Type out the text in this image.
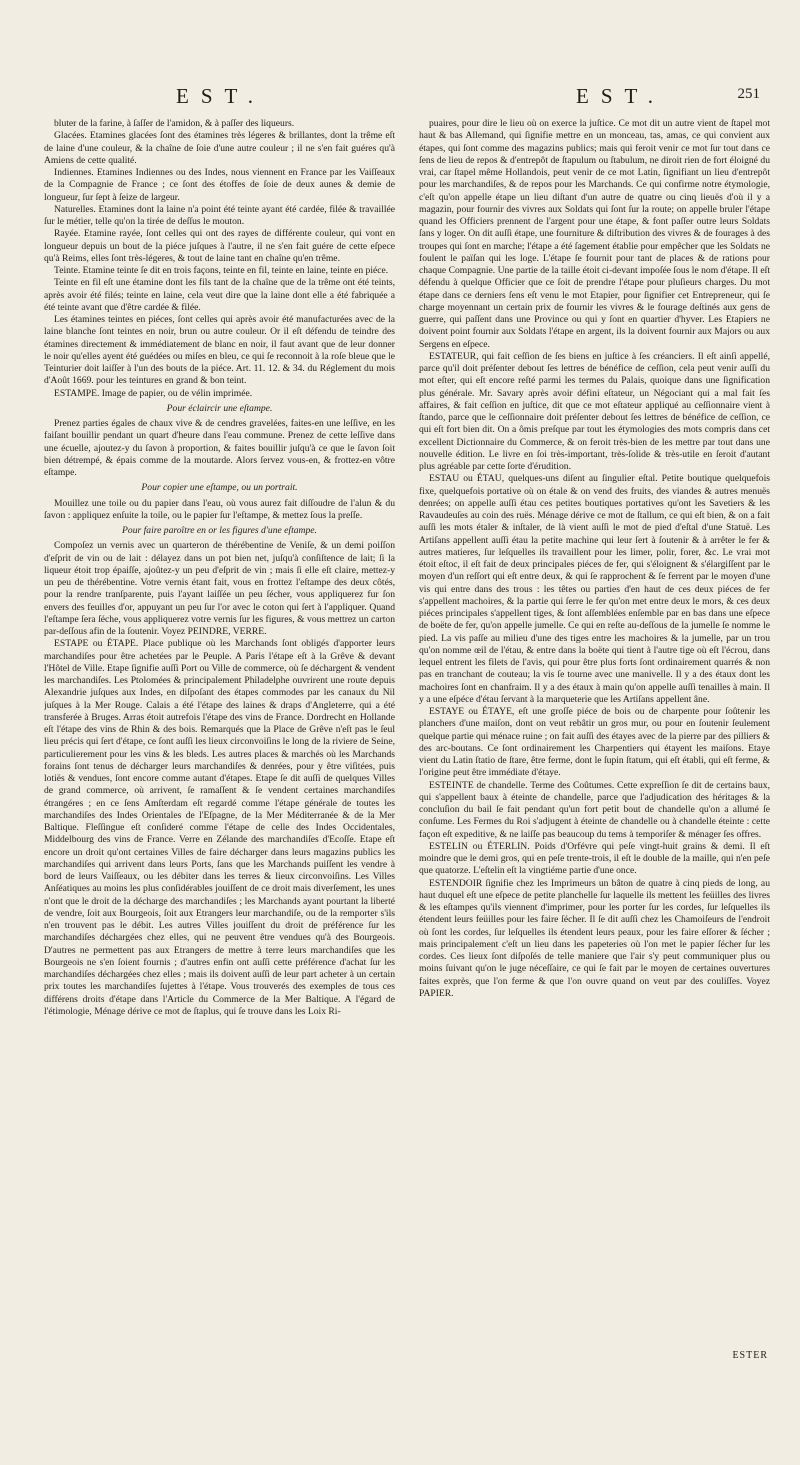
EST.	EST.	251

bluter de la farine, à ſaſſer de l'amidon, & à paſſer des liqueurs.

Glacées. Etamines glacées ſont des étamines très légeres & brillantes, dont la trême eſt de laine d'une couleur, & la chaîne de ſoie d'une autre couleur ; il ne s'en fait guéres qu'à Amiens de cette qualité.

Indiennes. Etamines Indiennes ou des Indes, nous viennent en France par les Vaiſſeaux de la Compagnie de France ; ce ſont des étoffes de ſoie de deux aunes & demie de longueur, ſur ſept à ſeize de largeur.

Naturelles. Etamines dont la laine n'a point été teinte ayant été cardée, filée & travaillée ſur le métier, telle qu'on la tirée de deſſus le mouton.

Rayée. Etamine rayée, ſont celles qui ont des rayes de différente couleur, qui vont en longueur depuis un bout de la piéce juſques à l'autre, il ne s'en fait guére de cette eſpece qu'à Reims, elles ſont très-légeres, & tout de laine tant en chaîne qu'en trême.

Teinte. Etamine teinte ſe dit en trois façons, teinte en fil, teinte en laine, teinte en piéce.

Teinte en fil eſt une étamine dont les fils tant de la chaîne que de la trême ont été teints, après avoir été filés; teinte en laine, cela veut dire que la laine dont elle a été fabriquée a été teinte avant que d'être cardée & filée.

Les étamines teintes en piéces, ſont celles qui après avoir été manufacturées avec de la laine blanche ſont teintes en noir, brun ou autre couleur. Or il eſt défendu de teindre des étamines directement & immédiatement de blanc en noir, il faut avant que de leur donner le noir qu'elles ayent été guédées ou miſes en bleu, ce qui ſe reconnoit à la roſe bleue que le Teinturier doit laiſſer à l'un des bouts de la piéce. Art. 11. 12. & 34. du Réglement du mois d'Août 1669. pour les teintures en grand & bon teint.

ESTAMPE. Image de papier, ou de vélin imprimée.

Pour éclaircir une eſtampe.

Prenez parties égales de chaux vive & de cendres gravelées, faites-en une leſſive, en les faiſant bouillir pendant un quart d'heure dans l'eau commune. Prenez de cette leſſive dans une écuelle, ajoutez-y du ſavon à proportion, & faites bouillir juſqu'à ce que le ſavon ſoit bien détrempé, & épais comme de la moutarde. Alors ſervez vous-en, & frottez-en vôtre eſtampe.

Pour copier une eſtampe, ou un portrait.

Mouillez une toile ou du papier dans l'eau, où vous aurez fait diſſoudre de l'alun & du ſavon : appliquez enſuite la toile, ou le papier ſur l'eſtampe, & mettez ſous la preſſe.

Pour faire paroître en or les figures d'une eſtampe.

Compoſez un vernis avec un quarteron de thérébentine de Veniſe, & un demi poiſſon d'eſprit de vin ou de lait : délayez dans un pot bien net, juſqu'à conſiſtence de lait; ſi la liqueur étoit trop épaiſſe, ajoûtez-y un peu d'eſprit de vin ; mais ſi elle eſt claire, mettez-y un peu de thérébentine. Votre vernis étant fait, vous en frottez l'eſtampe des deux côtés, pour la rendre tranſparente, puis l'ayant laiſſée un peu ſécher, vous appliquerez fur ſon envers des feuilles d'or, appuyant un peu ſur l'or avec le coton qui ſert à l'appliquer. Quand l'eſtampe ſera ſéche, vous appliquerez votre vernis ſur les figures, & vous mettrez un carton par-deſſous afin de la ſoutenir. Voyez PEINDRE, VERRE.

ESTAPE ou ÉTAPE. Place publique où les Marchands ſont obligés d'apporter leurs marchandiſes pour être achetées par le Peuple. A Paris l'étape eſt à la Grêve & devant l'Hôtel de Ville. Etape ſignifie auſſi Port ou Ville de commerce, où ſe déchargent & vendent les marchandiſes. Les Ptolomées & principalement Philadelphe ouvrirent une route depuis Alexandrie juſques aux Indes, en diſpoſant des étapes commodes par les canaux du Nil juſques à la Mer Rouge. Calais a été l'étape des laines & draps d'Angleterre, qui a été transferée à Bruges. Arras étoit autrefois l'étape des vins de France. Dordrecht en Hollande eſt l'étape des vins de Rhin & des bois. Remarqués que la Place de Grêve n'eſt pas le ſeul lieu précis qui ſert d'étape, ce ſont auſſi les lieux circonvoiſins le long de la riviere de Seine, particulierement pour les vins & les bleds. Les autres places & marchés où les Marchands forains ſont tenus de décharger leurs marchandiſes & denrées, pour y être viſitées, puis lotiës & vendues, ſont encore comme autant d'étapes. Etape ſe dit auſſi de quelques Villes de grand commerce, où arrivent, ſe ramaſſent & ſe vendent certaines marchandiſes étrangéres ; en ce ſens Amſterdam eſt regardé comme l'étape générale de toutes les marchandiſes des Indes Orientales de l'Eſpagne, de la Mer Méditerranée & de la Mer Baltique. Fleſſingue eſt conſideré comme l'étape de celle des Indes Occidentales, Middelbourg des vins de France. Verre en Zélande des marchandiſes d'Ecoſſe. Etape eſt encore un droit qu'ont certaines Villes de faire décharger dans leurs magazins publics les marchandiſes qui arrivent dans leurs Ports, ſans que les Marchands puiſſent les vendre à bord de leurs Vaiſſeaux, ou les débiter dans les terres & lieux circonvoiſins. Les Villes Anſéatiques au moins les plus conſidérables jouiſſent de ce droit mais diverſement, les unes n'ont que le droit de la décharge des marchandiſes ; les Marchands ayant pourtant la liberté de vendre, ſoit aux Bourgeois, ſoit aux Etrangers leur marchandiſe, ou de la remporter s'ils n'en trouvent pas le débit. Les autres Villes jouiſſent du droit de préférence ſur les marchandiſes déchargées chez elles, qui ne peuvent être vendues qu'à des Bourgeois. D'autres ne permettent pas aux Etrangers de mettre à terre leurs marchandiſes que les Bourgeois ne s'en ſoient fournis ; d'autres enfin ont auſſi cette préférence d'achat ſur les marchandiſes déchargées chez elles ; mais ils doivent auſſi de leur part acheter à un certain prix toutes les marchandiſes ſujettes à l'étape. Vous trouverés des exemples de tous ces différens droits d'étape dans l'Article du Commerce de la Mer Baltique. A l'égard de l'étimologie, Ménage dérive ce mot de ſtaplus, qui ſe trouve dans les Loix Ri-

puaires, pour dire le lieu où on exerce la juſtice. Ce mot dit un autre vient de ſtapel mot haut & bas Allemand, qui ſignifie mettre en un monceau, tas, amas, ce qui convient aux étapes, qui ſont comme des magazins publics; mais qui feroit venir ce mot ſur tout dans ce ſens de lieu de repos & d'entrepôt de ſtapulum ou ſtabulum, ne diroit rien de fort éloigné du vrai, car ſtapel même Hollandois, peut venir de ce mot Latin, ſignifiant un lieu d'entrepôt pour les marchandiſes, & de repos pour les Marchands. Ce qui confirme notre étymologie, c'eſt qu'on appelle étape un lieu diſtant d'un autre de quatre ou cinq lieuës d'où il y a magazin, pour fournir des vivres aux Soldats qui ſont ſur la route; on appelle bruler l'étape quand les Officiers prennent de l'argent pour une étape, & font paſſer outre leurs Soldats ſans y loger. On dit auſſi étape, une fourniture & diſtribution des vivres & de fourages à des troupes qui ſont en marche; l'étape a été ſagement établie pour empêcher que les Soldats ne foulent le païſan qui les loge. L'étape ſe fournit pour tant de places & de rations pour chaque Compagnie. Une partie de la taille étoit ci-devant impoſée ſous le nom d'étape. Il eſt défendu à quelque Officier que ce ſoit de prendre l'étape pour pluſieurs charges. Du mot étape dans ce derniers ſens eſt venu le mot Etapier, pour ſignifier cet Entrepreneur, qui ſe charge moyennant un certain prix de fournir les vivres & le fourage deſtinés aux gens de guerre, qui paſſent dans une Province ou qui y ſont en quartier d'hyver. Les Etapiers ne doivent point fournir aux Soldats l'étape en argent, ils la doivent fournir aux Majors ou aux Sergens en eſpece.

ESTATEUR, qui fait ceſſion de ſes biens en juſtice à ſes créanciers. Il eſt ainſi appellé, parce qu'il doit préſenter debout ſes lettres de bénéfice de ceſſion, cela peut venir auſſi du mot eſter, qui eſt encore reſté parmi les termes du Palais, quoique dans une ſignification plus générale. Mr. Savary après avoir défini eſtateur, un Négociant qui a mal fait ſes affaires, & fait ceſſion en juſtice, dit que ce mot eſtateur appliqué au ceſſionnaire vient à ſtando, parce que le ceſſionnaire doit préſenter debout ſes lettres de bénéfice de ceſſion, ce qui eſt fort bien dit. On a ômis preſque par tout les étymologies des mots compris dans cet excellent Dictionnaire du Commerce, & on feroit très-bien de les mettre par tout dans une nouvelle édition. Le livre en ſoi très-important, très-ſolide & très-utile en ſeroit d'autant plus agréable par cette ſorte d'érudition.

ESTAU ou ÉTAU, quelques-uns diſent au ſingulier eſtal. Petite boutique quelquefois fixe, quelquefois portative où on étale & on vend des fruits, des viandes & autres menuës denrées; on appelle auſſi étau ces petites boutiques portatives qu'ont les Savetiers & les Ravaudeuſes au coin des ruës. Ménage dérive ce mot de ſtallum, ce qui eſt bien, & on a fait auſſi les mots étaler & inſtaler, de là vient auſſi le mot de pied d'eſtal d'une Statuë. Les Artiſans appellent auſſi étau la petite machine qui leur ſert à ſoutenir & à arrêter le fer & autres matieres, ſur leſquelles ils travaillent pour les limer, polir, forer, &c. Le vrai mot étoit eſtoc, il eſt fait de deux principales piéces de fer, qui s'éloignent & s'élargiſſent par le moyen d'un reſſort qui eſt entre deux, & qui ſe rapprochent & ſe ferrent par le moyen d'une vis qui entre dans des trous : les têtes ou parties d'en haut de ces deux piéces de fer s'appellent machoires, & la partie qui ſerre le fer qu'on met entre deux le mors, & ces deux piéces principales s'appellent tiges, & ſont aſſemblées enſemble par en bas dans une eſpece de boëte de fer, qu'on appelle jumelle. Ce qui en reſte au-deſſous de la jumelle ſe nomme le pied. La vis paſſe au milieu d'une des tiges entre les machoires & la jumelle, par un trou qu'on nomme œil de l'étau, & entre dans la boëte qui tient à l'autre tige où eſt l'écrou, dans lequel entrent les filets de l'avis, qui pour être plus forts ſont ordinairement quarrés & non pas en tranchant de couteau; la vis ſe tourne avec une manivelle. Il y a des étaux dont les machoires ſont en chanfraim. Il y a des étaux à main qu'on appelle auſſi tenailles à main. Il y a une eſpéce d'étau ſervant à la marqueterie que les Artiſans appellent âne.

ESTAYE ou ÉTAYE, eſt une groſſe piéce de bois ou de charpente pour ſoûtenir les planchers d'une maiſon, dont on veut rebâtir un gros mur, ou pour en ſoutenir ſeulement quelque partie qui ménace ruine ; on fait auſſi des étayes avec de la pierre par des pilliers & des arc-boutans. Ce ſont ordinairement les Charpentiers qui étayent les maiſons. Etaye vient du Latin ſtatio de ſtare, être ferme, dont le ſupin ſtatum, qui eſt établi, qui eſt ferme, & l'origine peut être immédiate d'étaye.

ESTEINTE de chandelle. Terme des Coûtumes. Cette expreſſion ſe dit de certains baux, qui s'appellent baux à éteinte de chandelle, parce que l'adjudication des héritages & la concluſion du bail ſe fait pendant qu'un fort petit bout de chandelle qu'on a allumé ſe conſume. Les Fermes du Roi s'adjugent à éteinte de chandelle ou à chandelle éteinte : cette façon eſt expeditive, & ne laiſſe pas beaucoup du tems à temporiſer & ménager ſes offres.

ESTELIN ou ÉTERLIN. Poids d'Orfévre qui peſe vingt-huit grains & demi. Il eſt moindre que le demi gros, qui en peſe trente-trois, il eſt le double de la maille, qui n'en peſe que quatorze. L'eſtelin eſt la vingtiéme partie d'une once.

ESTENDOIR ſignifie chez les Imprimeurs un bâton de quatre à cinq pieds de long, au haut duquel eſt une eſpece de petite planchelle ſur laquelle ils mettent les feüilles des livres & les eſtampes qu'ils viennent d'imprimer, pour les porter ſur les cordes, ſur leſquelles ils étendent leurs feüilles pour les faire ſécher. Il ſe dit auſſi chez les Chamoiſeurs de l'endroit où ſont les cordes, ſur leſquelles ils étendent leurs peaux, pour les faire eſſorer & ſécher ; mais principalement c'eſt un lieu dans les papeteries où l'on met le papier ſécher ſur les cordes. Ces lieux ſont diſpoſés de telle maniere que l'air s'y peut communiquer plus ou moins ſuivant qu'on le juge néceſſaire, ce qui ſe fait par le moyen de certaines ouvertures faites exprès, que l'on ferme & que l'on ouvre quand on veut par des couliſſes. Voyez PAPIER.

ESTER
